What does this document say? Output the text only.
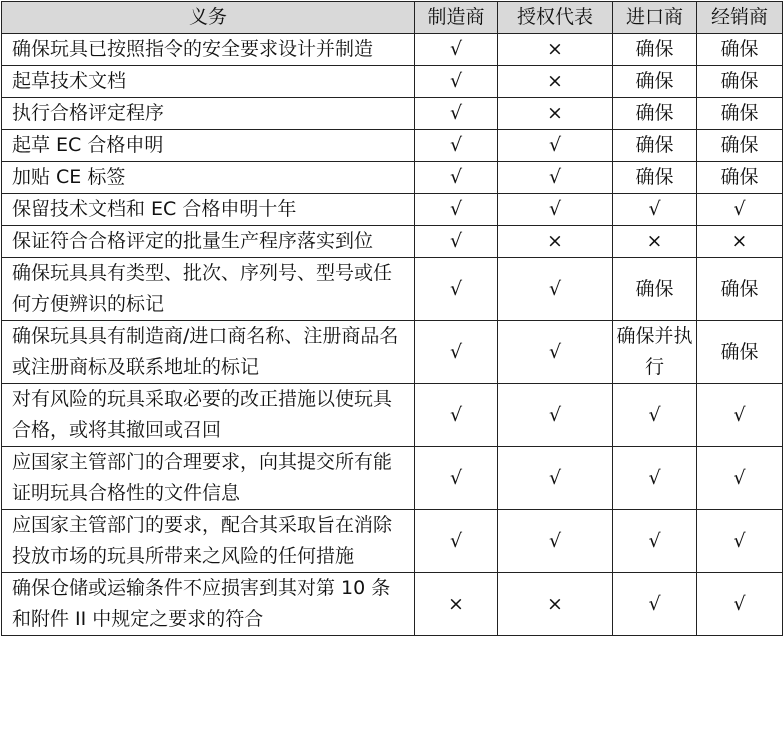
义务	制造商	授权代表	进口商	经销商
确保玩具已按照指令的安全要求设计并制造	√	×	确保	确保
起草技术文档	√	×	确保	确保
执行合格评定程序	√	×	确保	确保
起草 EC 合格申明	√	√	确保	确保
加贴 CE 标签	√	√	确保	确保
保留技术文档和 EC 合格申明十年	√	√	√	√
保证符合合格评定的批量生产程序落实到位	√	×	×	×
确保玩具具有类型、批次、序列号、型号或任何方便辨识的标记	√	√	确保	确保
确保玩具具有制造商/进口商名称、注册商品名或注册商标及联系地址的标记	√	√	确保并执行	确保
对有风险的玩具采取必要的改正措施以使玩具合格，或将其撤回或召回	√	√	√	√
应国家主管部门的合理要求，向其提交所有能证明玩具合格性的文件信息	√	√	√	√
应国家主管部门的要求，配合其采取旨在消除投放市场的玩具所带来之风险的任何措施	√	√	√	√
确保仓储或运输条件不应损害到其对第 10 条和附件 II 中规定之要求的符合	×	×	√	√
